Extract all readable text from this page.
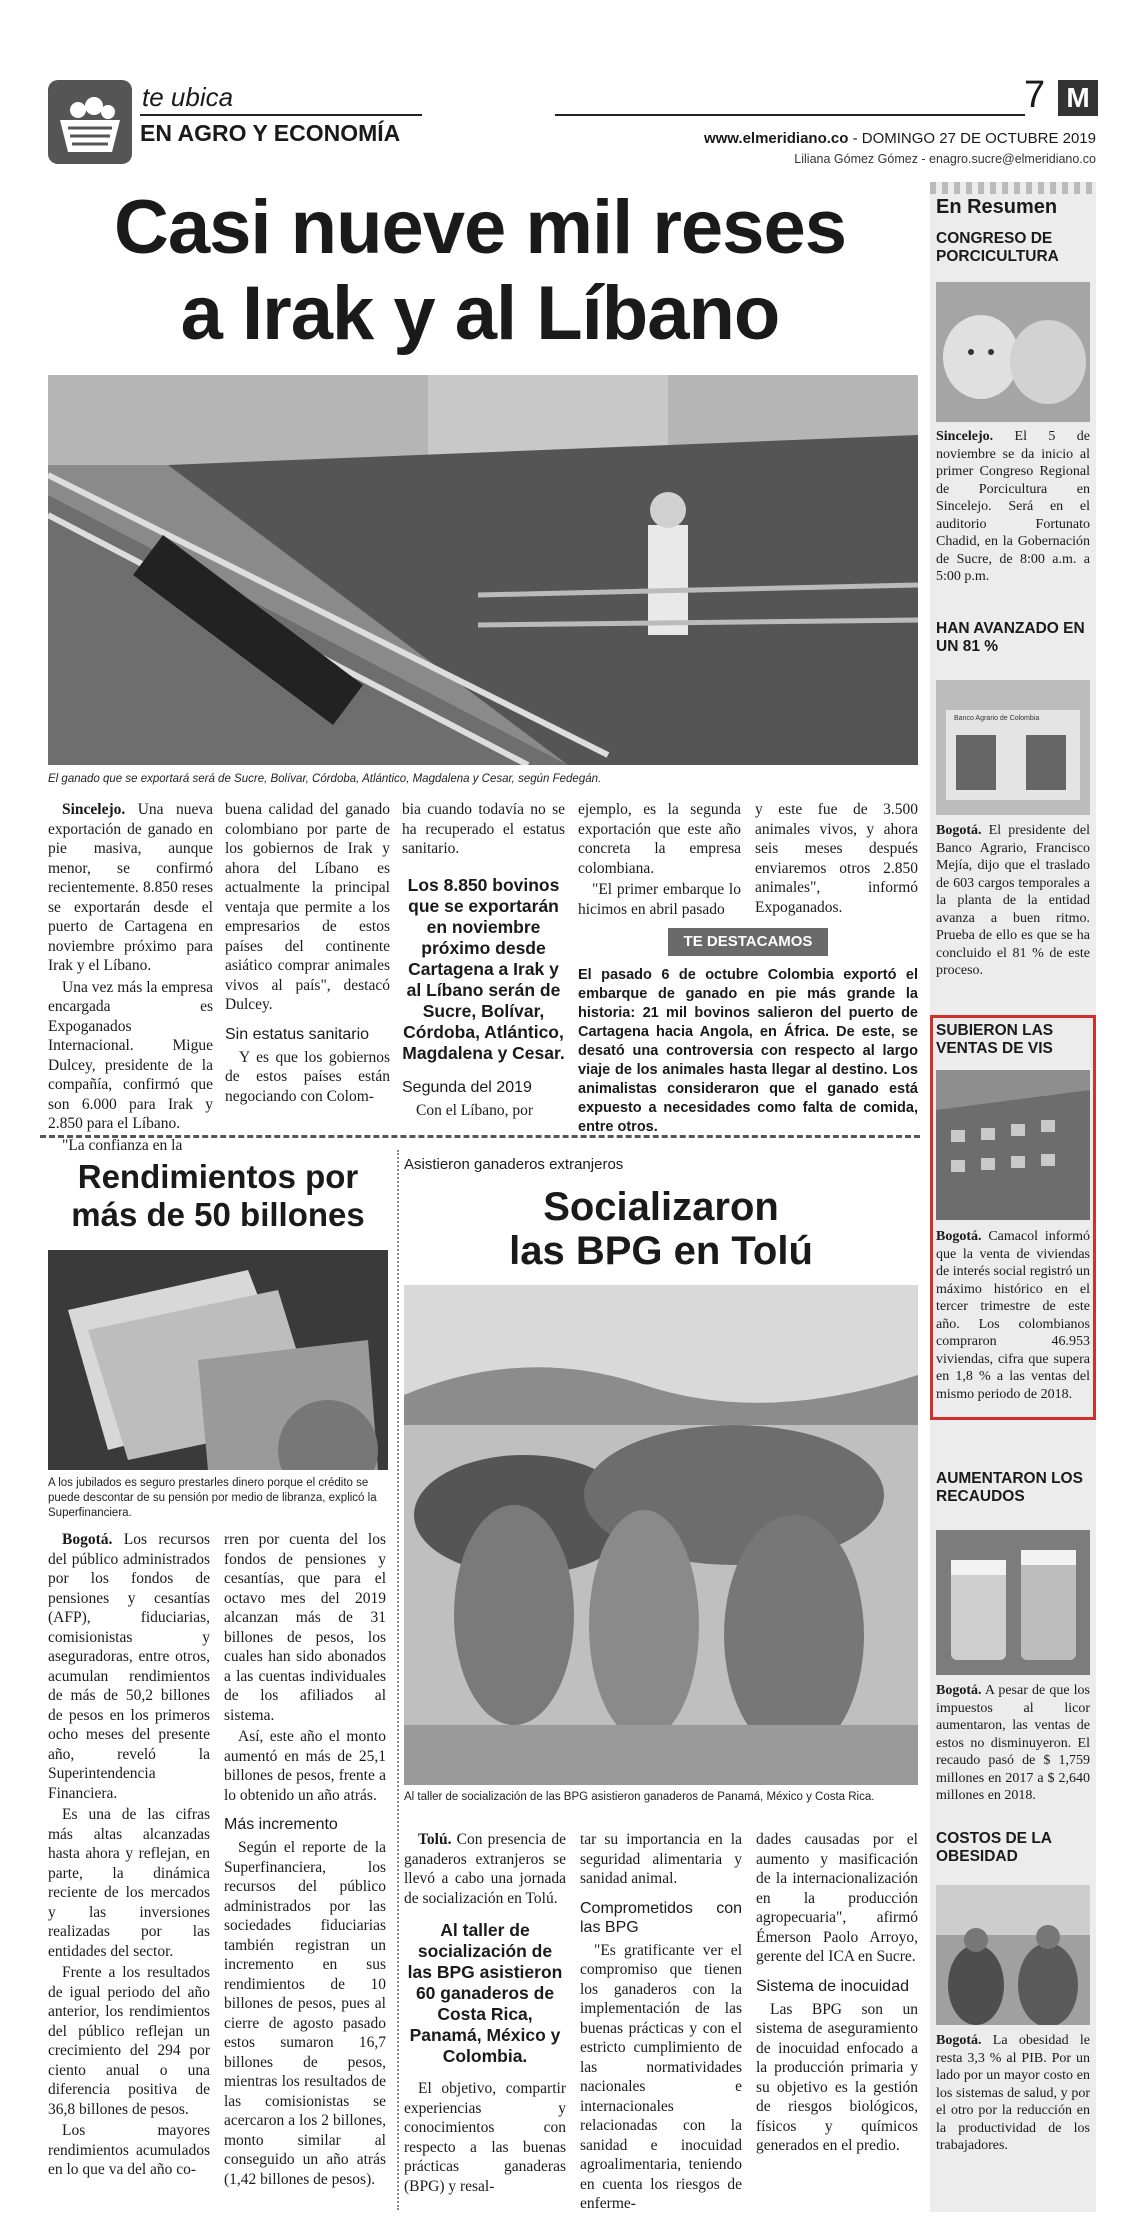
te ubica
EN AGRO Y ECONOMÍA
7 M
www.elmeridiano.co - DOMINGO 27 DE OCTUBRE 2019
Liliana Gómez Gómez - enagro.sucre@elmeridiano.co
Casi nueve mil reses
a Irak y al Líbano
El ganado que se exportará será de Sucre, Bolívar, Córdoba, Atlántico, Magdalena y Cesar, según Fedegán.

Sincelejo. Una nueva exportación de ganado en pie masiva, aunque menor, se confirmó recientemente. 8.850 reses se exportarán desde el puerto de Cartagena en noviembre próximo para Irak y el Líbano.

Una vez más la empresa encargada es Expoganados Internacional. Migue Dulcey, presidente de la compañía, confirmó que son 6.000 para Irak y 2.850 para el Líbano.

"La confianza en la

buena calidad del ganado colombiano por parte de los gobiernos de Irak y ahora del Líbano es actualmente la principal ventaja que permite a los empresarios de estos países del continente asiático comprar animales vivos al país", destacó Dulcey.

Sin estatus sanitario

Y es que los gobiernos de estos países están negociando con Colom-

bia cuando todavía no se ha recuperado el estatus sanitario.

Los 8.850 bovinos que se exportarán en noviembre próximo desde Cartagena a Irak y al Líbano serán de Sucre, Bolívar, Córdoba, Atlántico, Magdalena y Cesar.
Segunda del 2019

Con el Líbano, por

ejemplo, es la segunda exportación que este año concreta la empresa colombiana.

"El primer embarque lo hicimos en abril pasado

y este fue de 3.500 animales vivos, y ahora seis meses después enviaremos otros 2.850 animales", informó Expoganados.

TE DESTACAMOS
El pasado 6 de octubre Colombia exportó el embarque de ganado en pie más grande la historia: 21 mil bovinos salieron del puerto de Cartagena hacia Angola, en África. De este, se desató una controversia con respecto al largo viaje de los animales hasta llegar al destino. Los animalistas consideraron que el ganado está expuesto a necesidades como falta de comida, entre otros.
Rendimientos por más de 50 billones
A los jubilados es seguro prestarles dinero porque el crédito se puede descontar de su pensión por medio de libranza, explicó la Superfinanciera.

Bogotá. Los recursos del público administrados por los fondos de pensiones y cesantías (AFP), fiduciarias, comisionistas y aseguradoras, entre otros, acumulan rendimientos de más de 50,2 billones de pesos en los primeros ocho meses del presente año, reveló la Superintendencia Financiera.

Es una de las cifras más altas alcanzadas hasta ahora y reflejan, en parte, la dinámica reciente de los mercados y las inversiones realizadas por las entidades del sector.

Frente a los resultados de igual periodo del año anterior, los rendimientos del público reflejan un crecimiento del 294 por ciento anual o una diferencia positiva de 36,8 billones de pesos.

Los mayores rendimientos acumulados en lo que va del año co-

rren por cuenta del los fondos de pensiones y cesantías, que para el octavo mes del 2019 alcanzan más de 31 billones de pesos, los cuales han sido abonados a las cuentas individuales de los afiliados al sistema.

Así, este año el monto aumentó en más de 25,1 billones de pesos, frente a lo obtenido un año atrás.

Más incremento

Según el reporte de la Superfinanciera, los recursos del público administrados por las sociedades fiduciarias también registran un incremento en sus rendimientos de 10 billones de pesos, pues al cierre de agosto pasado estos sumaron 16,7 billones de pesos, mientras los resultados de las comisionistas se acercaron a los 2 billones, monto similar al conseguido un año atrás (1,42 billones de pesos).

Asistieron ganaderos extranjeros
Socializaron
las BPG en Tolú
Al taller de socialización de las BPG asistieron ganaderos de Panamá, México y Costa Rica.

Tolú. Con presencia de ganaderos extranjeros se llevó a cabo una jornada de socialización en Tolú.

Al taller de socialización de las BPG asistieron 60 ganaderos de Costa Rica, Panamá, México y Colombia.

El objetivo, compartir experiencias y conocimientos con respecto a las buenas prácticas ganaderas (BPG) y resal-

tar su importancia en la seguridad alimentaria y sanidad animal.

Comprometidos con las BPG

"Es gratificante ver el compromiso que tienen los ganaderos con la implementación de las buenas prácticas y con el estricto cumplimiento de las normatividades nacionales e internacionales relacionadas con la sanidad e inocuidad agroalimentaria, teniendo en cuenta los riesgos de enferme-

dades causadas por el aumento y masificación de la internacionalización en la producción agropecuaria", afirmó Émerson Paolo Arroyo, gerente del ICA en Sucre.

Sistema de inocuidad

Las BPG son un sistema de aseguramiento de inocuidad enfocado a la producción primaria y su objetivo es la gestión de riesgos biológicos, físicos y químicos generados en el predio.

En Resumen
CONGRESO DE PORCICULTURA
Sincelejo. El 5 de noviembre se da inicio al primer Congreso Regional de Porcicultura en Sincelejo. Será en el auditorio Fortunato Chadid, en la Gobernación de Sucre, de 8:00 a.m. a 5:00 p.m.
HAN AVANZADO EN UN 81 %
Banco Agrario de Colombia
Bogotá. El presidente del Banco Agrario, Francisco Mejía, dijo que el traslado de 603 cargos temporales a la planta de la entidad avanza a buen ritmo. Prueba de ello es que se ha concluido el 81 % de este proceso.
SUBIERON LAS VENTAS DE VIS
Bogotá. Camacol informó que la venta de viviendas de interés social registró un máximo histórico en el tercer trimestre de este año. Los colombianos compraron 46.953 viviendas, cifra que supera en 1,8 % a las ventas del mismo periodo de 2018.
AUMENTARON LOS RECAUDOS
Bogotá. A pesar de que los impuestos al licor aumentaron, las ventas de estos no disminuyeron. El recaudo pasó de $ 1,759 millones en 2017 a $ 2,640 millones en 2018.
COSTOS DE LA OBESIDAD
Bogotá. La obesidad le resta 3,3 % al PIB. Por un lado por un mayor costo en los sistemas de salud, y por el otro por la reducción en la productividad de los trabajadores.
